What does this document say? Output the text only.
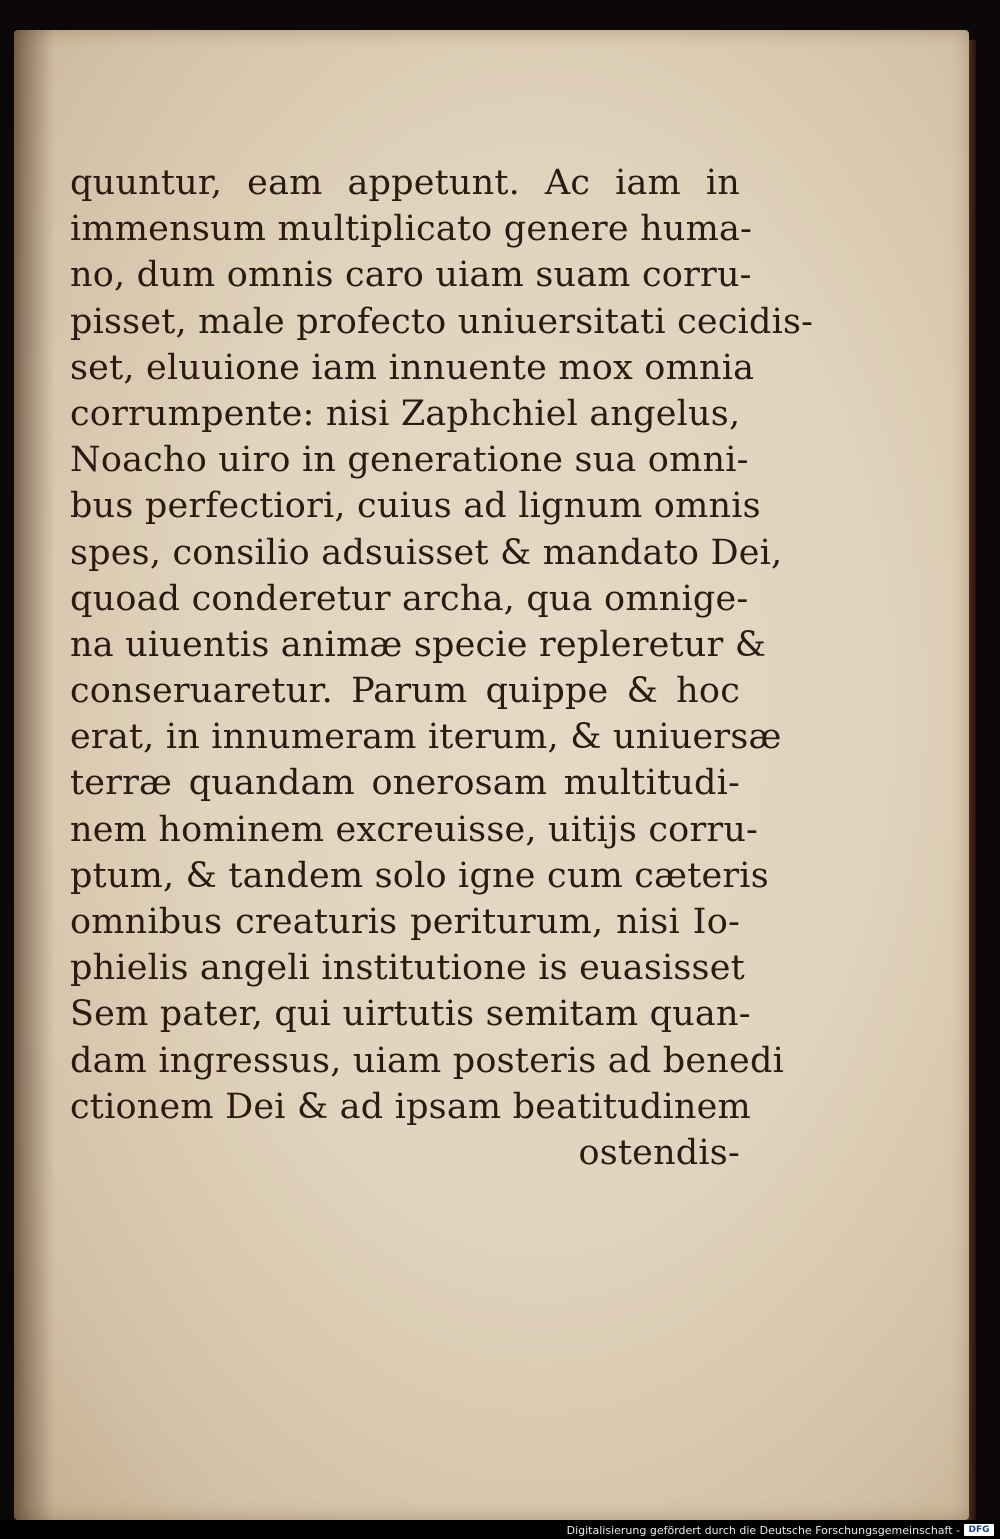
quuntur, eam appetunt. Ac iam in
immensum multiplicato genere huma-
no, dum omnis caro uiam suam corru-
pisset, male profecto uniuersitati cecidis-
set, eluuione iam innuente mox omnia
corrumpente: nisi Zaphchiel angelus,
Noacho uiro in generatione sua omni-
bus perfectiori, cuius ad lignum omnis
spes, consilio adsuisset & mandato Dei,
quoad conderetur archa, qua omnige-
na uiuentis animæ specie repleretur &
conseruaretur. Parum quippe & hoc
erat, in innumeram iterum, & uniuersæ
terræ quandam onerosam multitudi-
nem hominem excreuisse, uitijs corru-
ptum, & tandem solo igne cum cæteris
omnibus creaturis periturum, nisi Io-
phielis angeli institutione is euasisset
Sem pater, qui uirtutis semitam quan-
dam ingressus, uiam posteris ad benedi
ctionem Dei & ad ipsam beatitudinem
ostendis-
Digitalisierung gefördert durch die Deutsche Forschungsgemeinschaft - DFG
